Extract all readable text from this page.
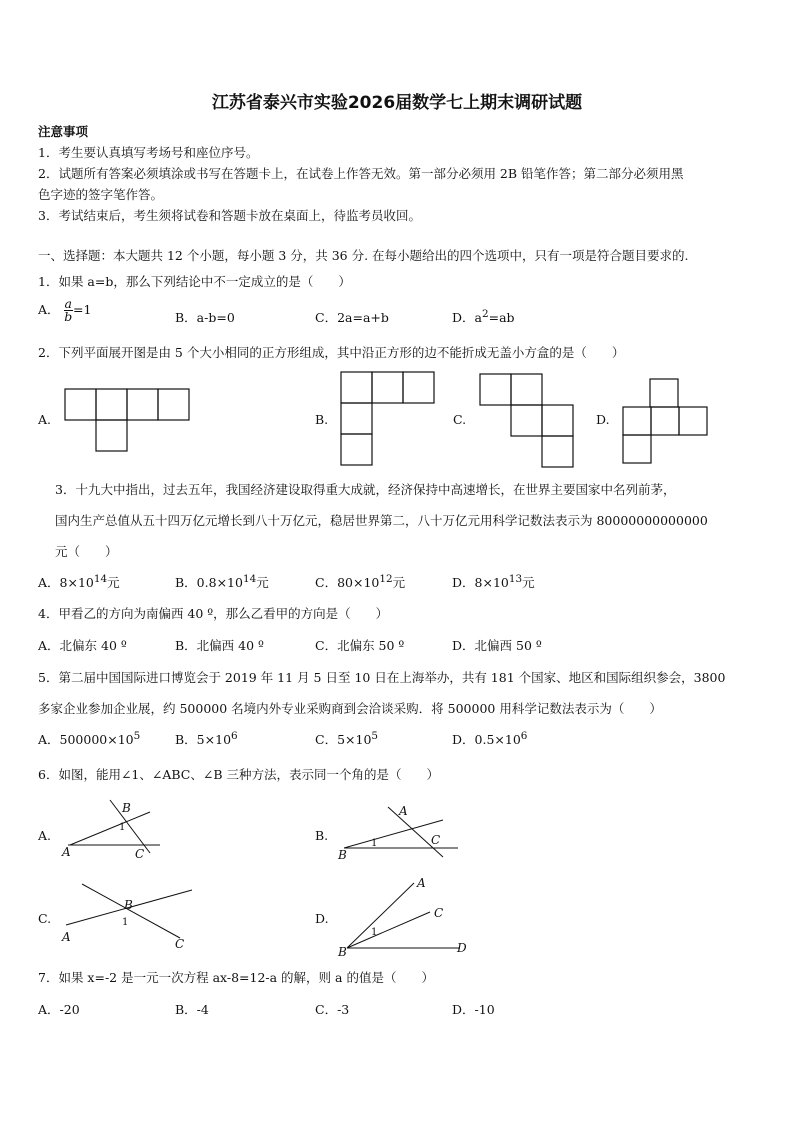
江苏省泰兴市实验2026届数学七上期末调研试题
注意事项
1．考生要认真填写考场号和座位序号。
2．试题所有答案必须填涂或书写在答题卡上，在试卷上作答无效。第一部分必须用 2B 铅笔作答；第二部分必须用黑
色字迹的签字笔作答。
3．考试结束后，考生须将试卷和答题卡放在桌面上，待监考员收回。
一、选择题：本大题共 12 个小题，每小题 3 分，共 36 分. 在每小题给出的四个选项中，只有一项是符合题目要求的.
1．如果 a=b，那么下列结论中不一定成立的是（　　）
A． $\frac{a}{b} =1$
B．a-b=0	C．2a=a+b	D．$a^2=ab$
2．下列平面展开图是由 5 个大小相同的正方形组成，其中沿正方形的边不能折成无盖小方盒的是（　　）
A.	B.	C.	D.
B
1
A	C
A
1
B
C
B
1
A	C
A
C
1
B	D
3．十九大中指出，过去五年，我国经济建设取得重大成就，经济保持中高速增长，在世界主要国家中名列前茅，
国内生产总值从五十四万亿元增长到八十万亿元，稳居世界第二，八十万亿元用科学记数法表示为 80000000000000
元（　　）
A．$8\times 10^{14}$元	B．$0.8\times 10^{14}$元	C．$80\times 10^{12}$元	D．$8\times 10^{13}$元
4．甲看乙的方向为南偏西 40 º，那么乙看甲的方向是（　　）
A．北偏东 40 º	B．北偏西 40 º	C．北偏东 50 º	D．北偏西 50 º
5．第二届中国国际进口博览会于 2019 年 11 月 5 日至 10 日在上海举办，共有 181 个国家、地区和国际组织参会，3800
多家企业参加企业展，约 500000 名境内外专业采购商到会洽谈采购．将 500000 用科学记数法表示为（　　）
A．$500000\times 10^5$	B．$5\times 10^6$	C．$5\times 10^5$	D．$0.5\times 10^6$
6．如图，能用∠1、∠ABC、∠B 三种方法，表示同一个角的是（　　）
A.	B.
C.	D.
7．如果 x=-2 是一元一次方程 ax-8=12-a 的解，则 a 的值是（　　）
A．-20	B．-4	C．-3	D．-10
